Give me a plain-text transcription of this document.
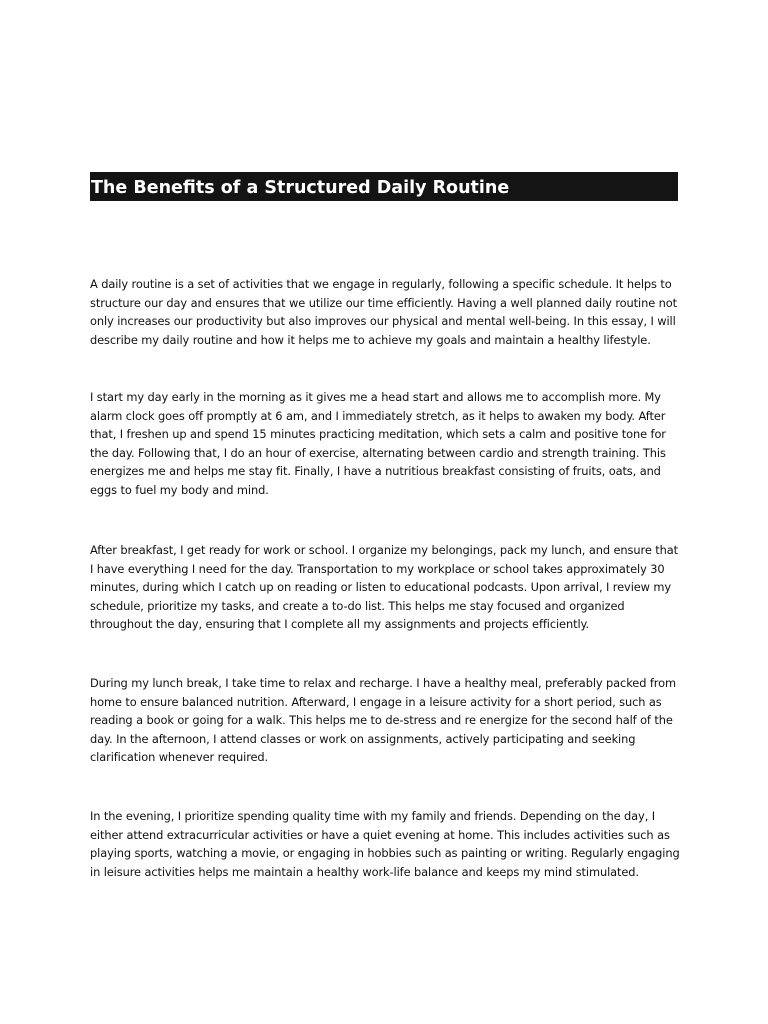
The Benefits of a Structured Daily Routine

A daily routine is a set of activities that we engage in regularly, following a specific schedule. It helps to structure our day and ensures that we utilize our time efficiently. Having a well planned daily routine not only increases our productivity but also improves our physical and mental well-being. In this essay, I will describe my daily routine and how it helps me to achieve my goals and maintain a healthy lifestyle.

I start my day early in the morning as it gives me a head start and allows me to accomplish more. My alarm clock goes off promptly at 6 am, and I immediately stretch, as it helps to awaken my body. After that, I freshen up and spend 15 minutes practicing meditation, which sets a calm and positive tone for the day. Following that, I do an hour of exercise, alternating between cardio and strength training. This energizes me and helps me stay fit. Finally, I have a nutritious breakfast consisting of fruits, oats, and eggs to fuel my body and mind.

After breakfast, I get ready for work or school. I organize my belongings, pack my lunch, and ensure that I have everything I need for the day. Transportation to my workplace or school takes approximately 30 minutes, during which I catch up on reading or listen to educational podcasts. Upon arrival, I review my schedule, prioritize my tasks, and create a to-do list. This helps me stay focused and organized throughout the day, ensuring that I complete all my assignments and projects efficiently.

During my lunch break, I take time to relax and recharge. I have a healthy meal, preferably packed from home to ensure balanced nutrition. Afterward, I engage in a leisure activity for a short period, such as reading a book or going for a walk. This helps me to de-stress and re energize for the second half of the day. In the afternoon, I attend classes or work on assignments, actively participating and seeking clarification whenever required.

In the evening, I prioritize spending quality time with my family and friends. Depending on the day, I either attend extracurricular activities or have a quiet evening at home. This includes activities such as playing sports, watching a movie, or engaging in hobbies such as painting or writing. Regularly engaging in leisure activities helps me maintain a healthy work-life balance and keeps my mind stimulated.
